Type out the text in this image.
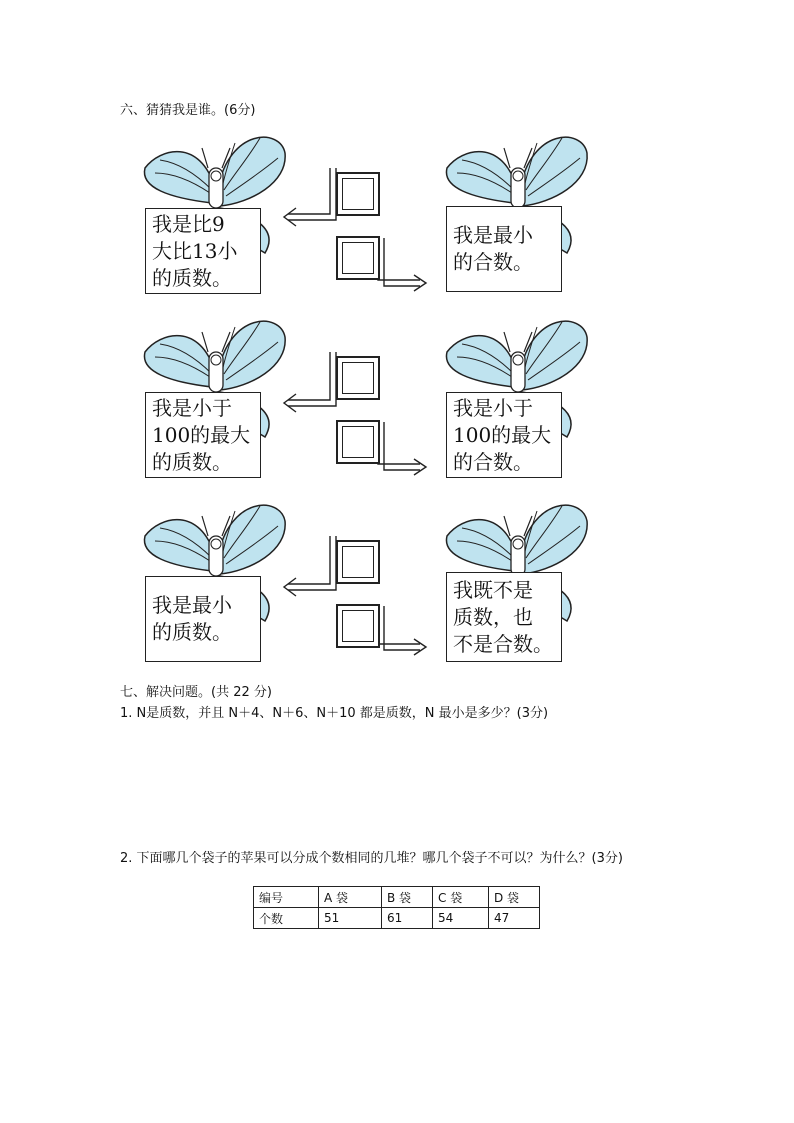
六、猜猜我是谁。(6分)
我是比9
大比13小
的质数。
我是最小
的合数。
我是小于
100的最大
的质数。
我是小于
100的最大
的合数。
我是最小
的质数。
我既不是
质数，也
不是合数。
七、解决问题。(共 22 分)
1. N是质数，并且 N＋4、N＋6、N＋10 都是质数，N 最小是多少？(3分)
2. 下面哪几个袋子的苹果可以分成个数相同的几堆？哪几个袋子不可以？为什么？(3分)
编号	A 袋	B 袋	C 袋	D 袋
个数	51	61	54	47
